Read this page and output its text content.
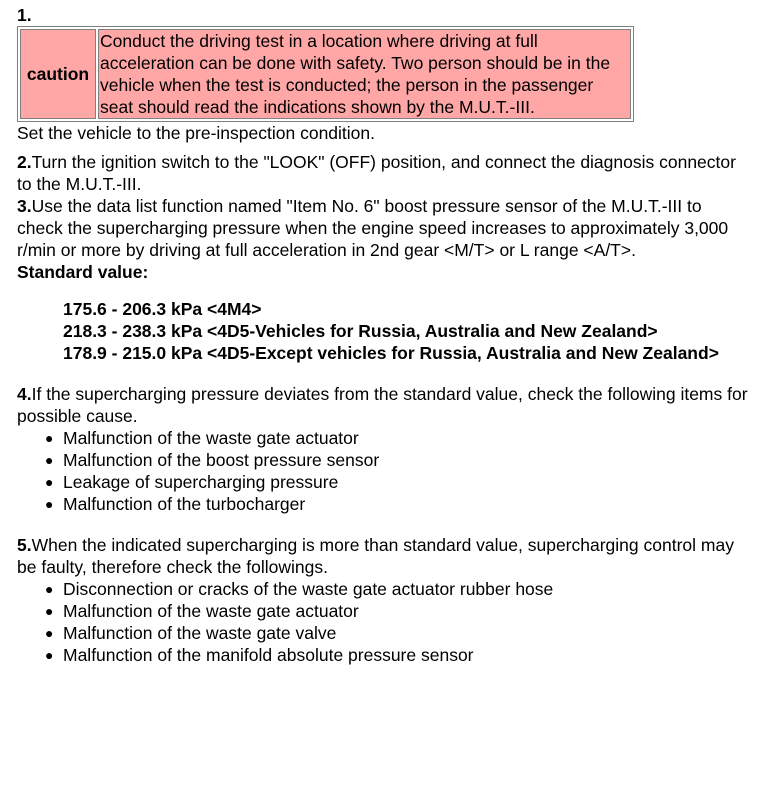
1.
caution	Conduct the driving test in a location where driving at full acceleration can be done with safety. Two person should be in the vehicle when the test is conducted; the person in the passenger seat should read the indications shown by the M.U.T.-III.

Set the vehicle to the pre-inspection condition.

2.Turn the ignition switch to the "LOOK" (OFF) position, and connect the diagnosis connector to the M.U.T.-III.

3.Use the data list function named "Item No. 6" boost pressure sensor of the M.U.T.-III to check the supercharging pressure when the engine speed increases to approximately 3,000 r/min or more by driving at full acceleration in 2nd gear <M/T> or L range <A/T>.

Standard value:
175.6 - 206.3 kPa <4M4>
218.3 - 238.3 kPa <4D5-Vehicles for Russia, Australia and New Zealand>
178.9 - 215.0 kPa <4D5-Except vehicles for Russia, Australia and New Zealand>

4.If the supercharging pressure deviates from the standard value, check the following items for possible cause.

● Malfunction of the waste gate actuator
● Malfunction of the boost pressure sensor
● Leakage of supercharging pressure
● Malfunction of the turbocharger

5.When the indicated supercharging is more than standard value, supercharging control may be faulty, therefore check the followings.

● Disconnection or cracks of the waste gate actuator rubber hose
● Malfunction of the waste gate actuator
● Malfunction of the waste gate valve
● Malfunction of the manifold absolute pressure sensor
